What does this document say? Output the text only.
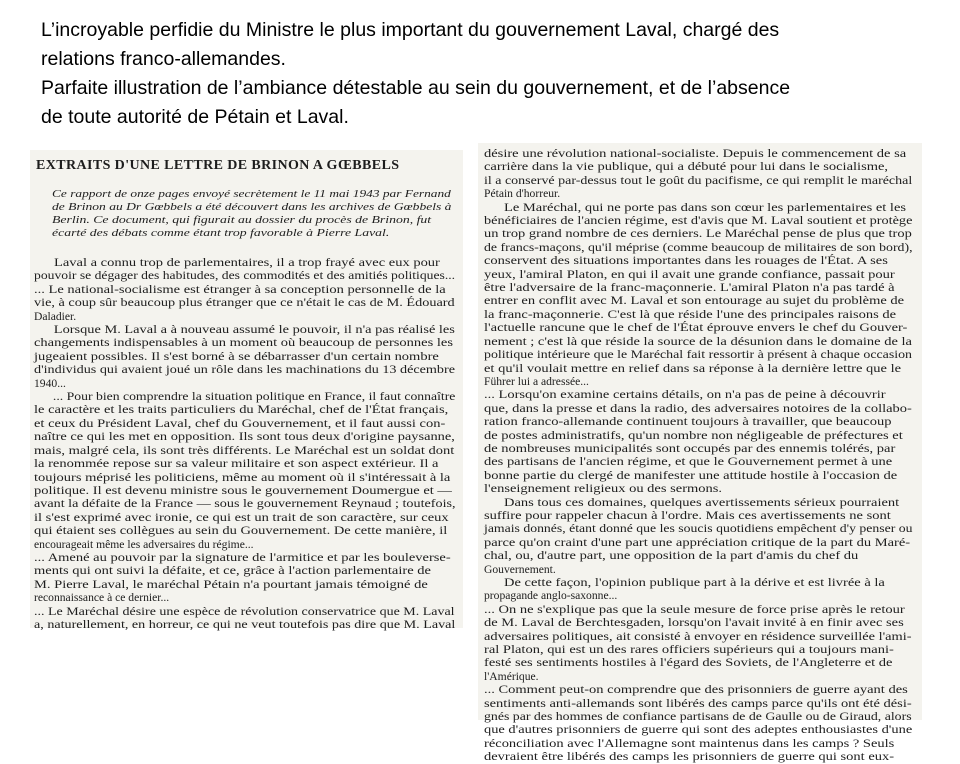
L’incroyable perfidie du Ministre le plus important du gouvernement Laval, chargé des
relations franco-allemandes.
Parfaite illustration de l’ambiance détestable au sein du gouvernement, et de l’absence
de toute autorité de Pétain et Laval.
EXTRAITS D'UNE LETTRE DE BRINON A GŒBBELS
Ce rapport de onze pages envoyé secrètement le 11 mai 1943 par Fernand
de Brinon au Dr Gœbbels a été découvert dans les archives de Gœbbels à
Berlin. Ce document, qui figurait au dossier du procès de Brinon, fut
écarté des débats comme étant trop favorable à Pierre Laval.
Laval a connu trop de parlementaires, il a trop frayé avec eux pour
pouvoir se dégager des habitudes, des commodités et des amitiés politiques...
... Le national-socialisme est étranger à sa conception personnelle de la
vie, à coup sûr beaucoup plus étranger que ce n'était le cas de M. Édouard
Daladier.
Lorsque M. Laval a à nouveau assumé le pouvoir, il n'a pas réalisé les
changements indispensables à un moment où beaucoup de personnes les
jugeaient possibles. Il s'est borné à se débarrasser d'un certain nombre
d'individus qui avaient joué un rôle dans les machinations du 13 décembre
1940...
... Pour bien comprendre la situation politique en France, il faut connaître
le caractère et les traits particuliers du Maréchal, chef de l'État français,
et ceux du Président Laval, chef du Gouvernement, et il faut aussi con-
naître ce qui les met en opposition. Ils sont tous deux d'origine paysanne,
mais, malgré cela, ils sont très différents. Le Maréchal est un soldat dont
la renommée repose sur sa valeur militaire et son aspect extérieur. Il a
toujours méprisé les politiciens, même au moment où il s'intéressait à la
politique. Il est devenu ministre sous le gouvernement Doumergue et —
avant la défaite de la France — sous le gouvernement Reynaud ; toutefois,
il s'est exprimé avec ironie, ce qui est un trait de son caractère, sur ceux
qui étaient ses collègues au sein du Gouvernement. De cette manière, il
encourageait même les adversaires du régime...
... Amené au pouvoir par la signature de l'armitice et par les bouleverse-
ments qui ont suivi la défaite, et ce, grâce à l'action parlementaire de
M. Pierre Laval, le maréchal Pétain n'a pourtant jamais témoigné de
reconnaissance à ce dernier...
... Le Maréchal désire une espèce de révolution conservatrice que M. Laval
a, naturellement, en horreur, ce qui ne veut toutefois pas dire que M. Laval
désire une révolution national-socialiste. Depuis le commencement de sa
carrière dans la vie publique, qui a débuté pour lui dans le socialisme,
il a conservé par-dessus tout le goût du pacifisme, ce qui remplit le maréchal
Pétain d'horreur.
Le Maréchal, qui ne porte pas dans son cœur les parlementaires et les
bénéficiaires de l'ancien régime, est d'avis que M. Laval soutient et protège
un trop grand nombre de ces derniers. Le Maréchal pense de plus que trop
de francs-maçons, qu'il méprise (comme beaucoup de militaires de son bord),
conservent des situations importantes dans les rouages de l'État. A ses
yeux, l'amiral Platon, en qui il avait une grande confiance, passait pour
être l'adversaire de la franc-maçonnerie. L'amiral Platon n'a pas tardé à
entrer en conflit avec M. Laval et son entourage au sujet du problème de
la franc-maçonnerie. C'est là que réside l'une des principales raisons de
l'actuelle rancune que le chef de l'État éprouve envers le chef du Gouver-
nement ; c'est là que réside la source de la désunion dans le domaine de la
politique intérieure que le Maréchal fait ressortir à présent à chaque occasion
et qu'il voulait mettre en relief dans sa réponse à la dernière lettre que le
Führer lui a adressée...
... Lorsqu'on examine certains détails, on n'a pas de peine à découvrir
que, dans la presse et dans la radio, des adversaires notoires de la collabo-
ration franco-allemande continuent toujours à travailler, que beaucoup
de postes administratifs, qu'un nombre non négligeable de préfectures et
de nombreuses municipalités sont occupés par des ennemis tolérés, par
des partisans de l'ancien régime, et que le Gouvernement permet à une
bonne partie du clergé de manifester une attitude hostile à l'occasion de
l'enseignement religieux ou des sermons.
Dans tous ces domaines, quelques avertissements sérieux pourraient
suffire pour rappeler chacun à l'ordre. Mais ces avertissements ne sont
jamais donnés, étant donné que les soucis quotidiens empêchent d'y penser ou
parce qu'on craint d'une part une appréciation critique de la part du Maré-
chal, ou, d'autre part, une opposition de la part d'amis du chef du
Gouvernement.
De cette façon, l'opinion publique part à la dérive et est livrée à la
propagande anglo-saxonne...
... On ne s'explique pas que la seule mesure de force prise après le retour
de M. Laval de Berchtesgaden, lorsqu'on l'avait invité à en finir avec ses
adversaires politiques, ait consisté à envoyer en résidence surveillée l'ami-
ral Platon, qui est un des rares officiers supérieurs qui a toujours mani-
festé ses sentiments hostiles à l'égard des Soviets, de l'Angleterre et de
l'Amérique.
... Comment peut-on comprendre que des prisonniers de guerre ayant des
sentiments anti-allemands sont libérés des camps parce qu'ils ont été dési-
gnés par des hommes de confiance partisans de de Gaulle ou de Giraud, alors
que d'autres prisonniers de guerre qui sont des adeptes enthousiastes d'une
réconciliation avec l'Allemagne sont maintenus dans les camps ? Seuls
devraient être libérés des camps les prisonniers de guerre qui sont eux-
